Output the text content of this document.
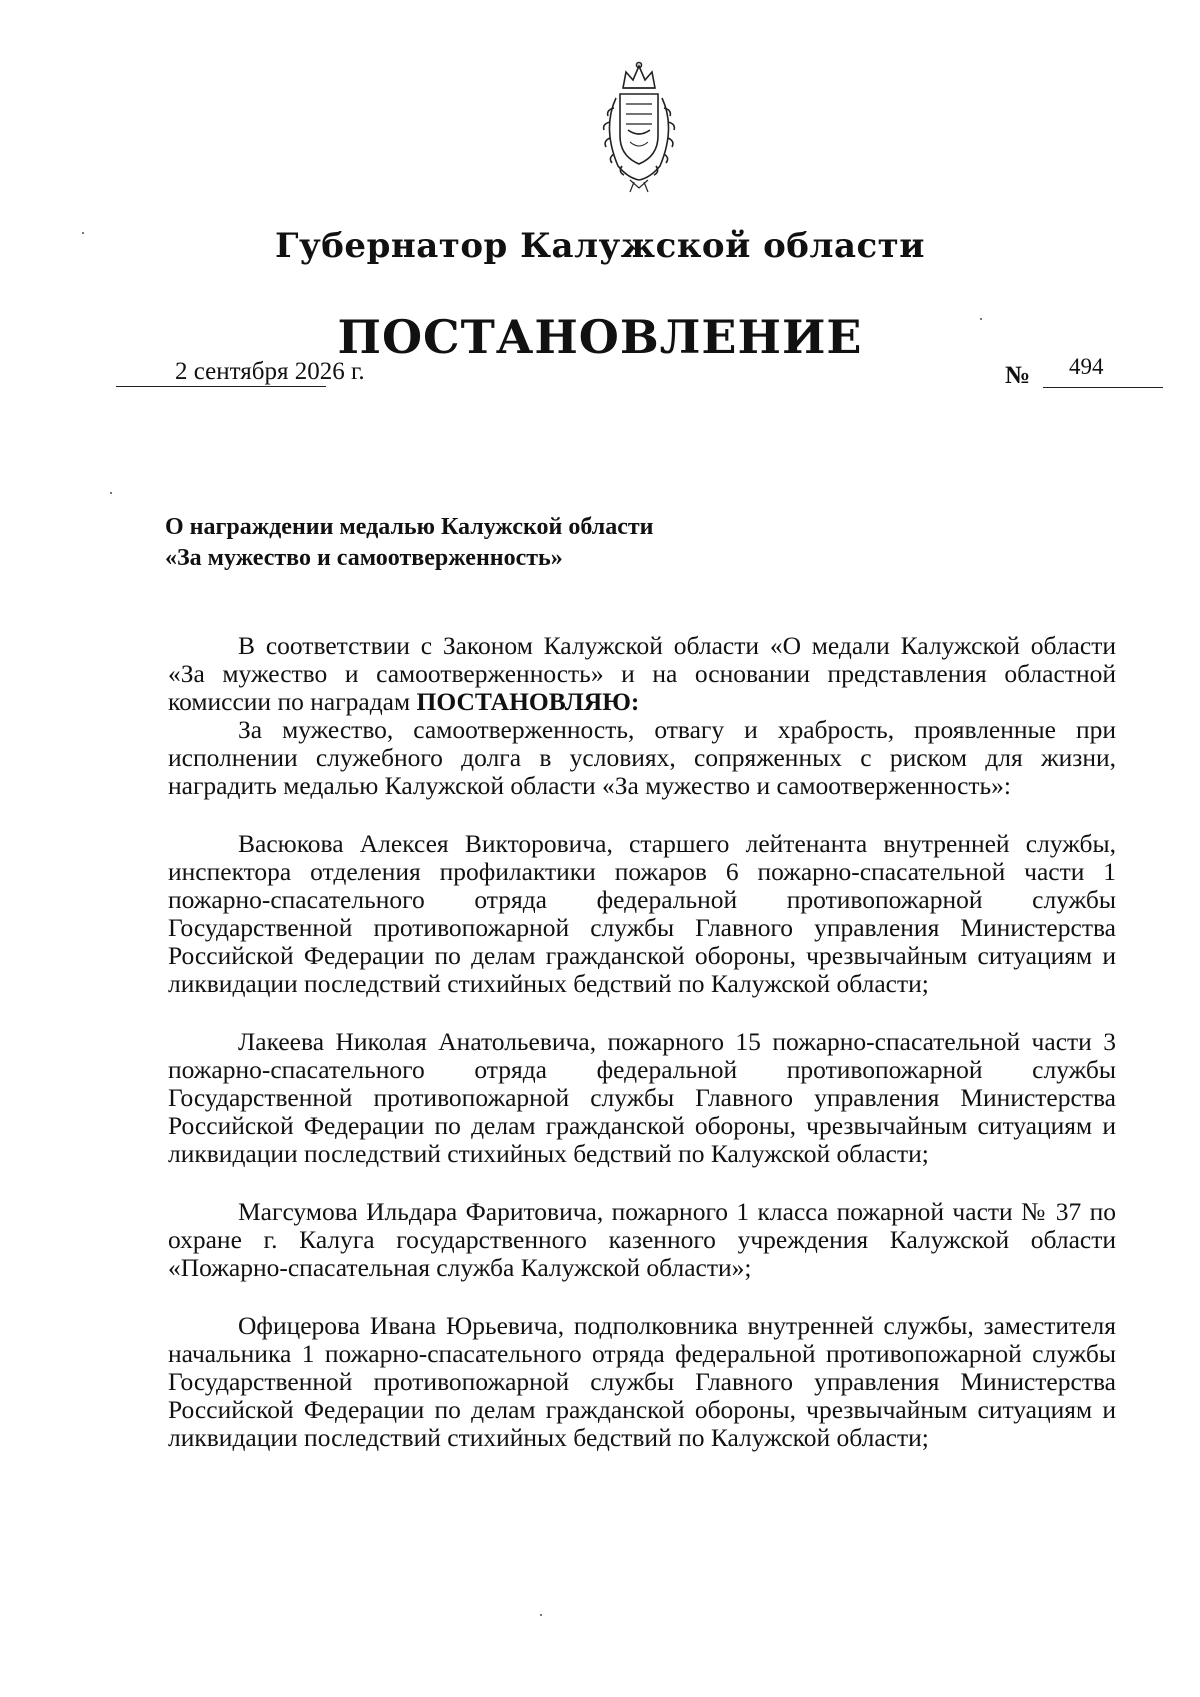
Губернатор Калужской области
ПОСТАНОВЛЕНИЕ
2 сентября 2026 г.	№ 494
О награждении медалью Калужской области
«За мужество и самоотверженность»

В соответствии с Законом Калужской области «О медали Калужской области «За мужество и самоотверженность» и на основании представления областной комиссии по наградам ПОСТАНОВЛЯЮ:

За мужество, самоотверженность, отвагу и храбрость, проявленные при исполнении служебного долга в условиях, сопряженных с риском для жизни, наградить медалью Калужской области «За мужество и самоотверженность»:

Васюкова Алексея Викторовича, старшего лейтенанта внутренней службы, инспектора отделения профилактики пожаров 6 пожарно-спасательной части 1 пожарно-спасательного отряда федеральной противопожарной службы Государственной противопожарной службы Главного управления Министерства Российской Федерации по делам гражданской обороны, чрезвычайным ситуациям и ликвидации последствий стихийных бедствий по Калужской области;

Лакеева Николая Анатольевича, пожарного 15 пожарно-спасательной части 3 пожарно-спасательного отряда федеральной противопожарной службы Государственной противопожарной службы Главного управления Министерства Российской Федерации по делам гражданской обороны, чрезвычайным ситуациям и ликвидации последствий стихийных бедствий по Калужской области;

Магсумова Ильдара Фаритовича, пожарного 1 класса пожарной части № 37 по охране г. Калуга государственного казенного учреждения Калужской области «Пожарно-спасательная служба Калужской области»;

Офицерова Ивана Юрьевича, подполковника внутренней службы, заместителя начальника 1 пожарно-спасательного отряда федеральной противопожарной службы Государственной противопожарной службы Главного управления Министерства Российской Федерации по делам гражданской обороны, чрезвычайным ситуациям и ликвидации последствий стихийных бедствий по Калужской области;
